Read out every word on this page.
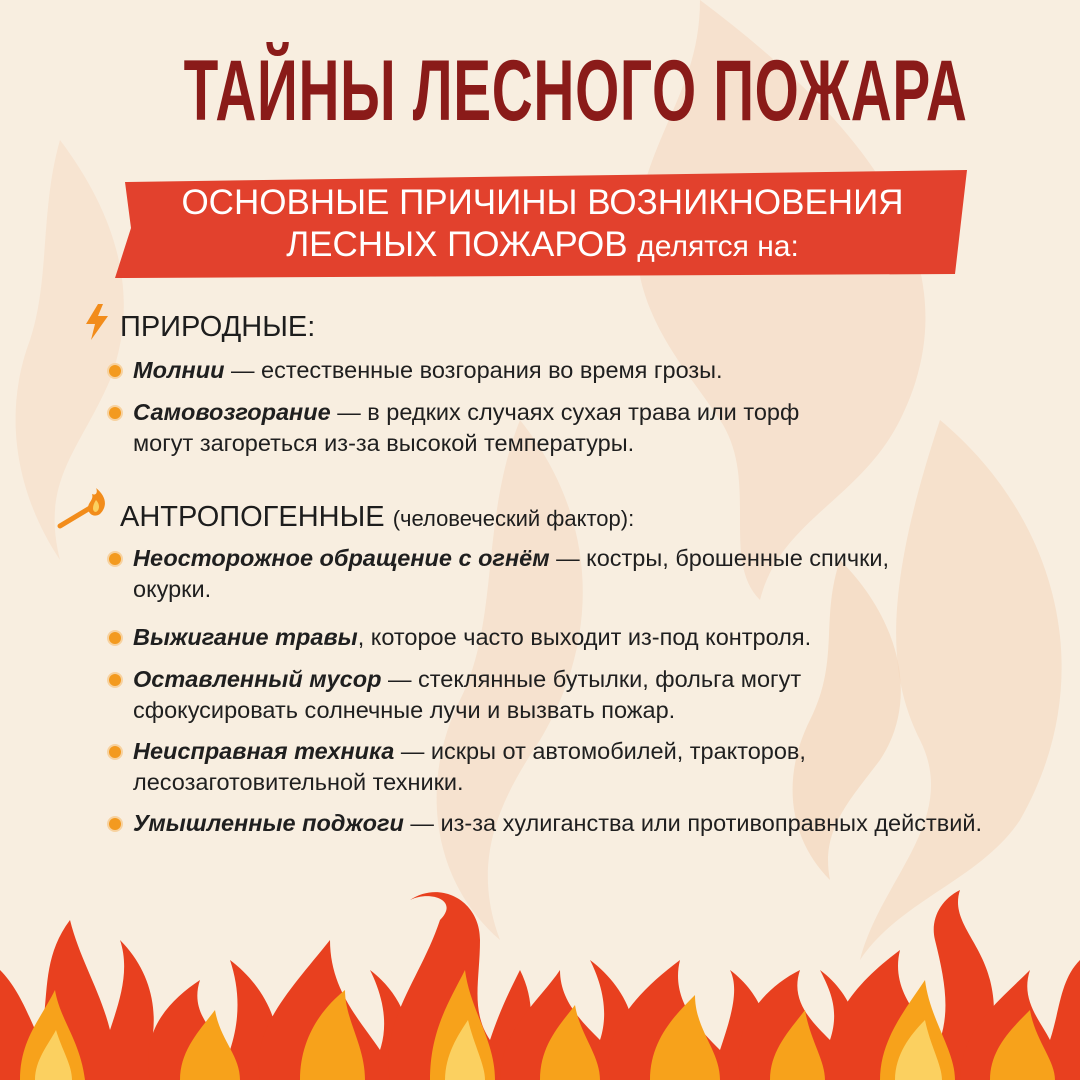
ТАЙНЫ ЛЕСНОГО ПОЖАРА
ОСНОВНЫЕ ПРИЧИНЫ ВОЗНИКНОВЕНИЯ
ЛЕСНЫХ ПОЖАРОВ делятся на:
ПРИРОДНЫЕ:
Молнии — естественные возгорания во время грозы.
Самовозгорание — в редких случаях сухая трава или торф могут загореться из-за высокой температуры.
АНТРОПОГЕННЫЕ (человеческий фактор):
Неосторожное обращение с огнём — костры, брошенные спички, окурки.
Выжигание травы, которое часто выходит из-под контроля.
Оставленный мусор — стеклянные бутылки, фольга могут сфокусировать солнечные лучи и вызвать пожар.
Неисправная техника — искры от автомобилей, тракторов, лесозаготовительной техники.
Умышленные поджоги — из-за хулиганства или противоправных действий.
